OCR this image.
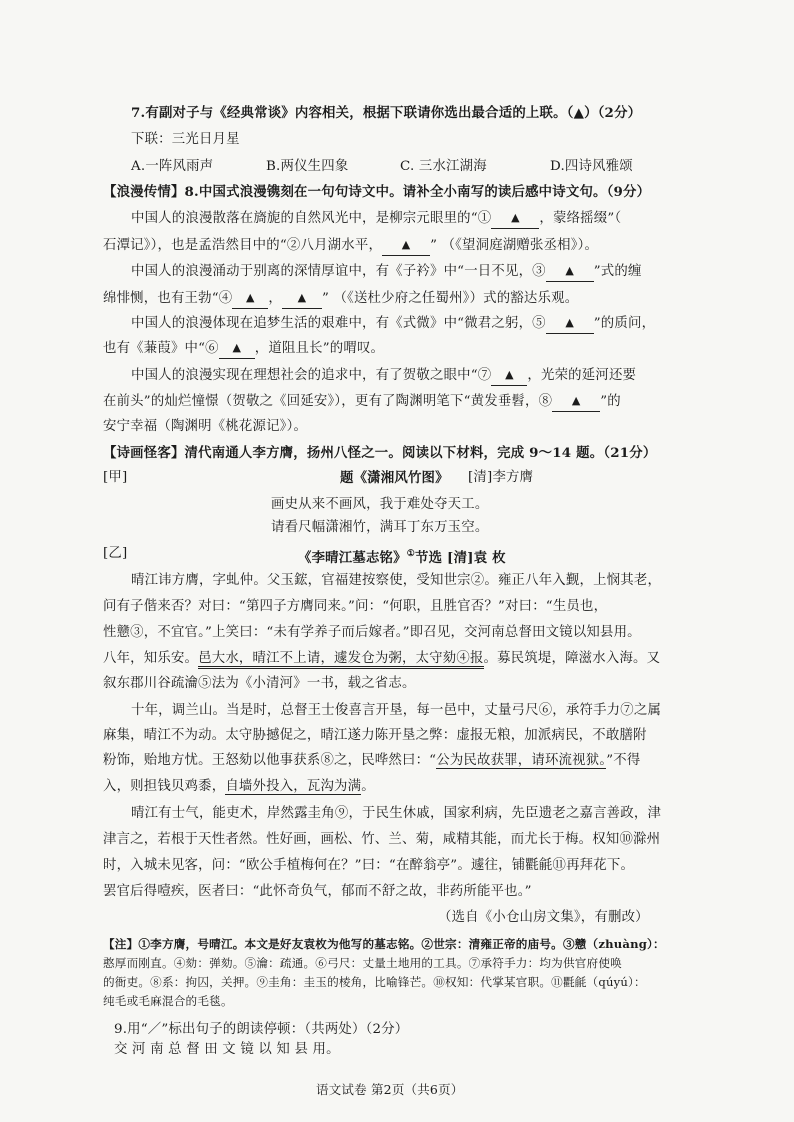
7.有副对子与《经典常谈》内容相关，根据下联请你选出最合适的上联。（▲）（2分）
下联：三光日月星
A.一阵风雨声	B.两仪生四象	C. 三水江湖海	D.四诗风雅颂
【浪漫传情】8.中国式浪漫镌刻在一句句诗文中。请补全小南写的读后感中诗文句。（9分）
中国人的浪漫散落在旖旎的自然风光中，是柳宗元眼里的“① ▲ ，蒙络摇缀”（
石潭记》），也是孟浩然目中的“②八月湖水平， ▲ ” （《望洞庭湖赠张丞相》）。
中国人的浪漫涌动于别离的深情厚谊中，有《子衿》中“一日不见，③ ▲ ”式的缠
绵悱恻，也有王勃“④ ▲ ， ▲ ” （《送杜少府之任蜀州》）式的豁达乐观。
中国人的浪漫体现在追梦生活的艰难中，有《式微》中“微君之躬，⑤ ▲ ”的质问，
也有《蒹葭》中“⑥ ▲ ，道阻且长”的喟叹。
中国人的浪漫实现在理想社会的追求中，有了贺敬之眼中“⑦ ▲ ，光荣的延河还要
在前头”的灿烂憧憬（贺敬之《回延安》），更有了陶渊明笔下“黄发垂髫，⑧ ▲ ”的
安宁幸福（陶渊明《桃花源记》）。
【诗画怪客】清代南通人李方膺，扬州八怪之一。阅读以下材料，完成 9～14 题。（21分）
[甲]	题《潇湘风竹图》 [清]李方膺
画史从来不画风，我于难处夺天工。
请看尺幅潇湘竹，满耳丁东万玉空。
[乙]	《李晴江墓志铭》①节选 [清]袁 枚
晴江讳方膺，字虬仲。父玉鋐，官福建按察使，受知世宗②。雍正八年入觐，上悯其老，
问有子偕来否？对曰：“第四子方膺同来。”问：“何职，且胜官否？”对曰：“生员也，
性戆③，不宜官。”上笑曰：“未有学养子而后嫁者。”即召见，交河南总督田文镜以知县用。
八年，知乐安。邑大水，晴江不上请，遽发仓为粥，太守劾④报。募民筑堤，障滋水入海。又
叙东郡川谷疏瀹⑤法为《小清河》一书，载之省志。
十年，调兰山。当是时，总督王士俊喜言开垦，每一邑中，丈量弓尺⑥，承符手力⑦之属
麻集，晴江不为动。太守胁撼促之，晴江遂力陈开垦之弊：虚报无粮，加派病民，不敢膳附
粉饰，贻地方忧。王怒劾以他事获系⑧之，民哗然曰：“公为民故获罪，请环流视狱。”不得
入，则担钱贝鸡黍，自墙外投入，瓦沟为满。
晴江有士气，能吏术，岸然露圭角⑨，于民生休戚，国家利病，先臣遗老之嘉言善政，津
津言之，若根于天性者然。性好画，画松、竹、兰、菊，咸精其能，而尤长于梅。权知⑩滁州
时，入城未见客，问：“欧公手植梅何在？”曰：“在醉翁亭”。遽往，铺氍毹⑪再拜花下。
罢官后得噎疾，医者曰：“此怀奇负气，郁而不舒之故，非药所能平也。”
（选自《小仓山房文集》，有删改）
【注】①李方膺，号晴江。本文是好友袁枚为他写的墓志铭。②世宗：清雍正帝的庙号。③戆（zhuàng）：
憨厚而刚直。④劾：弹劾。⑤瀹：疏通。⑥弓尺：丈量土地用的工具。⑦承符手力：均为供官府使唤
的衙吏。⑧系：拘囚，关押。⑨圭角：圭玉的棱角，比喻锋芒。⑩权知：代掌某官职。⑪氍毹（qúyú）：
纯毛或毛麻混合的毛毯。
9.用“／”标出句子的朗读停顿：（共两处）（2分）
交 河 南 总 督 田 文 镜 以 知 县 用。
语文试卷 第2页（共6页）
